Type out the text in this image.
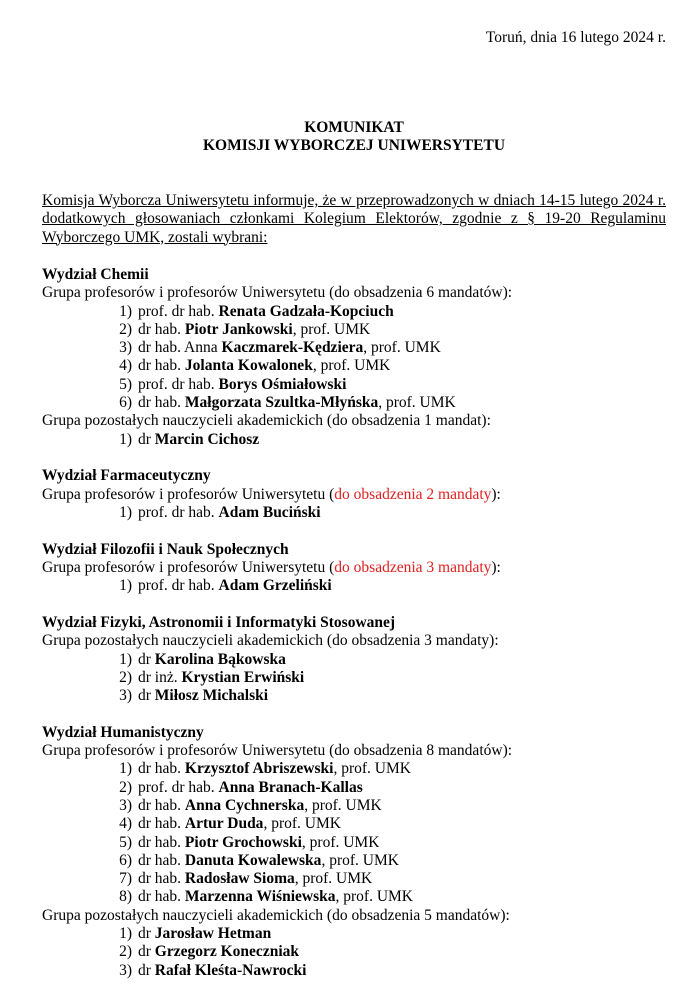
Toruń, dnia 16 lutego 2024 r.
KOMUNIKAT
KOMISJI WYBORCZEJ UNIWERSYTETU
Komisja Wyborcza Uniwersytetu informuje, że w przeprowadzonych w dniach 14-15 lutego 2024 r.
dodatkowych głosowaniach członkami Kolegium Elektorów, zgodnie z § 19-20 Regulaminu
Wyborczego UMK, zostali wybrani:
Wydział Chemii
Grupa profesorów i profesorów Uniwersytetu (do obsadzenia 6 mandatów):
1) prof. dr hab. Renata Gadzała-Kopciuch
2) dr hab. Piotr Jankowski, prof. UMK
3) dr hab. Anna Kaczmarek-Kędziera, prof. UMK
4) dr hab. Jolanta Kowalonek, prof. UMK
5) prof. dr hab. Borys Ośmiałowski
6) dr hab. Małgorzata Szultka-Młyńska, prof. UMK
Grupa pozostałych nauczycieli akademickich (do obsadzenia 1 mandat):
1) dr Marcin Cichosz
Wydział Farmaceutyczny
Grupa profesorów i profesorów Uniwersytetu (do obsadzenia 2 mandaty):
1) prof. dr hab. Adam Buciński
Wydział Filozofii i Nauk Społecznych
Grupa profesorów i profesorów Uniwersytetu (do obsadzenia 3 mandaty):
1) prof. dr hab. Adam Grzeliński
Wydział Fizyki, Astronomii i Informatyki Stosowanej
Grupa pozostałych nauczycieli akademickich (do obsadzenia 3 mandaty):
1) dr Karolina Bąkowska
2) dr inż. Krystian Erwiński
3) dr Miłosz Michalski
Wydział Humanistyczny
Grupa profesorów i profesorów Uniwersytetu (do obsadzenia 8 mandatów):
1) dr hab. Krzysztof Abriszewski, prof. UMK
2) prof. dr hab. Anna Branach-Kallas
3) dr hab. Anna Cychnerska, prof. UMK
4) dr hab. Artur Duda, prof. UMK
5) dr hab. Piotr Grochowski, prof. UMK
6) dr hab. Danuta Kowalewska, prof. UMK
7) dr hab. Radosław Sioma, prof. UMK
8) dr hab. Marzenna Wiśniewska, prof. UMK
Grupa pozostałych nauczycieli akademickich (do obsadzenia 5 mandatów):
1) dr Jarosław Hetman
2) dr Grzegorz Koneczniak
3) dr Rafał Kleśta-Nawrocki
